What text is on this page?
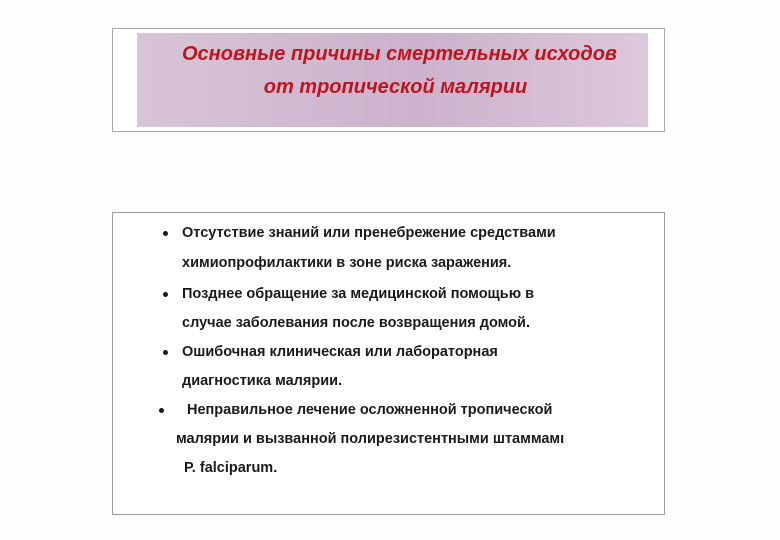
Основные причины смертельных исходов
от тропической малярии
Отсутствие знаний или пренебрежение средствами
химиопрофилактики в зоне риска заражения.
Позднее обращение за медицинской помощью в
случае заболевания после возвращения домой.
Ошибочная клиническая или лабораторная
диагностика малярии.
Неправильное лечение осложненной тропической
малярии и вызванной полирезистентными штаммамı
P. falciparum.
